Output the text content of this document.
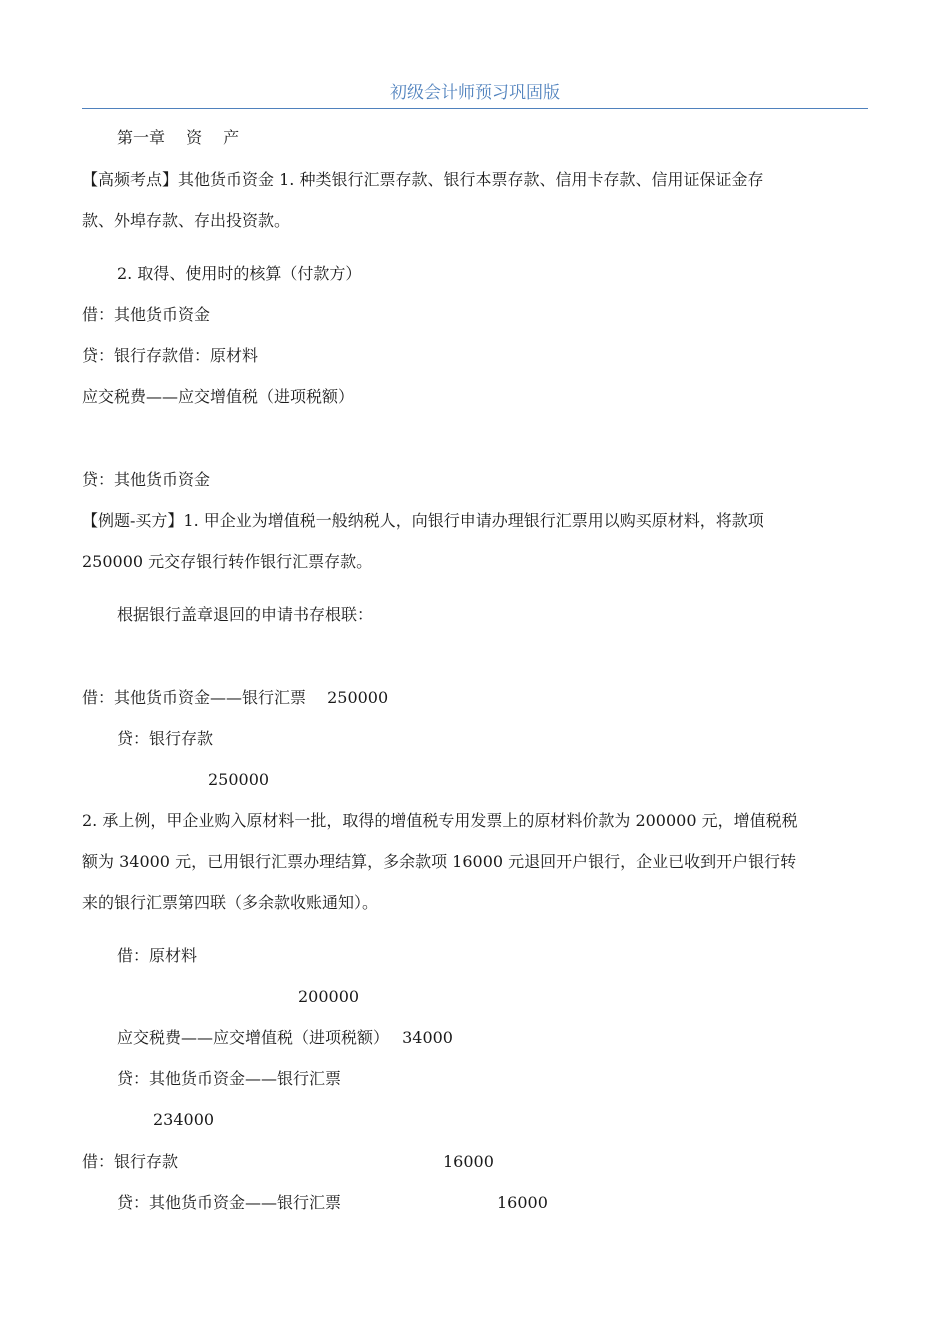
初级会计师预习巩固版
第一章　 资　 产
【高频考点】其他货币资金 1. 种类银行汇票存款、银行本票存款、信用卡存款、信用证保证金存
款、外埠存款、存出投资款。
2. 取得、使用时的核算（付款方）
借：其他货币资金
贷：银行存款借：原材料
应交税费——应交增值税（进项税额）
贷：其他货币资金
【例题-买方】1. 甲企业为增值税一般纳税人，向银行申请办理银行汇票用以购买原材料，将款项
250000 元交存银行转作银行汇票存款。
根据银行盖章退回的申请书存根联：
借：其他货币资金——银行汇票　 250000
贷：银行存款
250000
2. 承上例，甲企业购入原材料一批，取得的增值税专用发票上的原材料价款为 200000 元，增值税税
额为 34000 元，已用银行汇票办理结算，多余款项 16000 元退回开户银行，企业已收到开户银行转
来的银行汇票第四联（多余款收账通知）。
借：原材料
200000
应交税费——应交增值税（进项税额）　 34000
贷：其他货币资金——银行汇票
234000
借：银行存款	16000
贷：其他货币资金——银行汇票	16000
